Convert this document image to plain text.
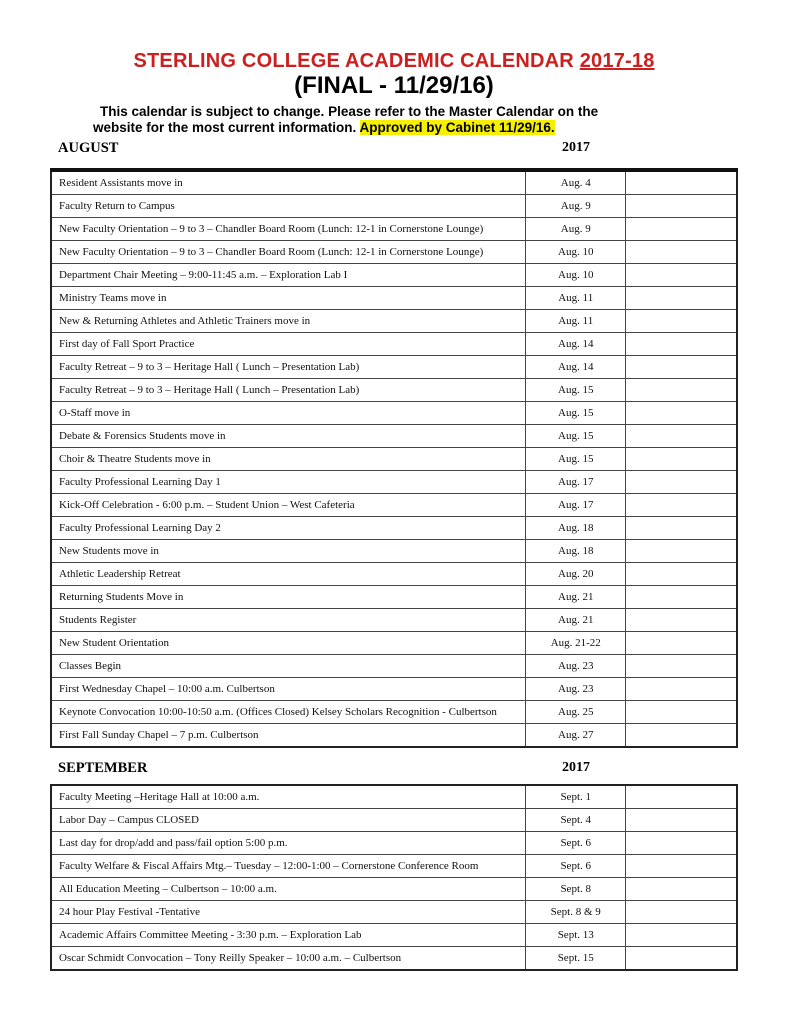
STERLING COLLEGE ACADEMIC CALENDAR 2017-18
(FINAL - 11/29/16)
This calendar is subject to change. Please refer to the Master Calendar on the
website for the most current information. Approved by Cabinet 11/29/16.
AUGUST	2017
Resident Assistants move in	Aug. 4	
Faculty Return to Campus	Aug. 9	
New Faculty Orientation – 9 to 3 – Chandler Board Room (Lunch: 12-1 in Cornerstone Lounge)	Aug. 9	
New Faculty Orientation – 9 to 3 – Chandler Board Room (Lunch: 12-1 in Cornerstone Lounge)	Aug. 10	
Department Chair Meeting – 9:00-11:45 a.m. – Exploration Lab I	Aug. 10	
Ministry Teams move in	Aug. 11	
New & Returning Athletes and Athletic Trainers move in	Aug. 11	
First day of Fall Sport Practice	Aug. 14	
Faculty Retreat – 9 to 3 – Heritage Hall ( Lunch – Presentation Lab)	Aug. 14	
Faculty Retreat – 9 to 3 – Heritage Hall ( Lunch – Presentation Lab)	Aug. 15	
O-Staff move in	Aug. 15	
Debate & Forensics Students move in	Aug. 15	
Choir & Theatre Students move in	Aug. 15	
Faculty Professional Learning Day 1	Aug. 17	
Kick-Off Celebration - 6:00 p.m. – Student Union – West Cafeteria	Aug. 17	
Faculty Professional Learning Day 2	Aug. 18	
New Students move in	Aug. 18	
Athletic Leadership Retreat	Aug. 20	
Returning Students Move in	Aug. 21	
Students Register	Aug. 21	
New Student Orientation	Aug. 21-22	
Classes Begin	Aug. 23	
First Wednesday Chapel – 10:00 a.m. Culbertson	Aug. 23	
Keynote Convocation 10:00-10:50 a.m. (Offices Closed) Kelsey Scholars Recognition - Culbertson	Aug. 25	
First Fall Sunday Chapel – 7 p.m. Culbertson	Aug. 27	
SEPTEMBER	2017
Faculty Meeting –Heritage Hall at 10:00 a.m.	Sept. 1	
Labor Day – Campus CLOSED	Sept. 4	
Last day for drop/add and pass/fail option 5:00 p.m.	Sept. 6	
Faculty Welfare & Fiscal Affairs Mtg.– Tuesday – 12:00-1:00 – Cornerstone Conference Room	Sept. 6	
All Education Meeting – Culbertson – 10:00 a.m.	Sept. 8	
24 hour Play Festival -Tentative	Sept. 8 & 9	
Academic Affairs Committee Meeting - 3:30 p.m. – Exploration Lab	Sept. 13	
Oscar Schmidt Convocation – Tony Reilly Speaker – 10:00 a.m. – Culbertson	Sept. 15	
